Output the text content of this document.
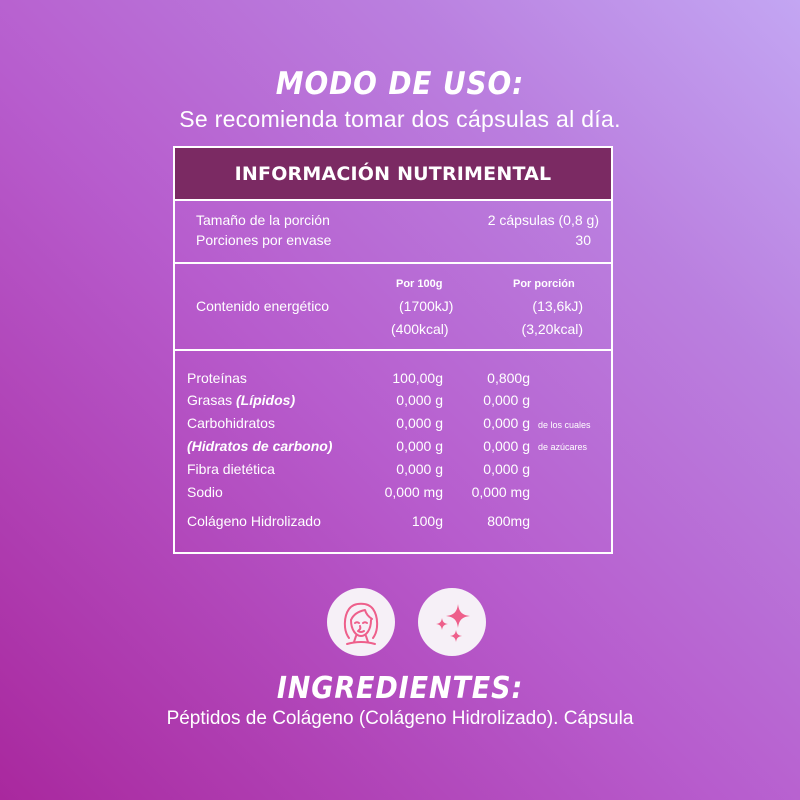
MODO DE USO:
Se recomienda tomar dos cápsulas al día.
INFORMACIÓN NUTRIMENTAL
Tamaño de la porción	2 cápsulas (0,8 g)
Porciones por envase	30
Por 100g	Por porción
Contenido energético	(1700kJ)	(13,6kJ)
(400kcal)	(3,20kcal)
Proteínas	100,00g	0,800g
Grasas (Lípidos)	0,000 g	0,000 g
Carbohidratos	0,000 g	0,000 g de los cuales
(Hidratos de carbono)	0,000 g	0,000 g de azúcares
Fibra dietética	0,000 g	0,000 g
Sodio	0,000 mg 0,000 mg
Colágeno Hidrolizado	100g	800mg
INGREDIENTES:
Péptidos de Colágeno (Colágeno Hidrolizado). Cápsula
